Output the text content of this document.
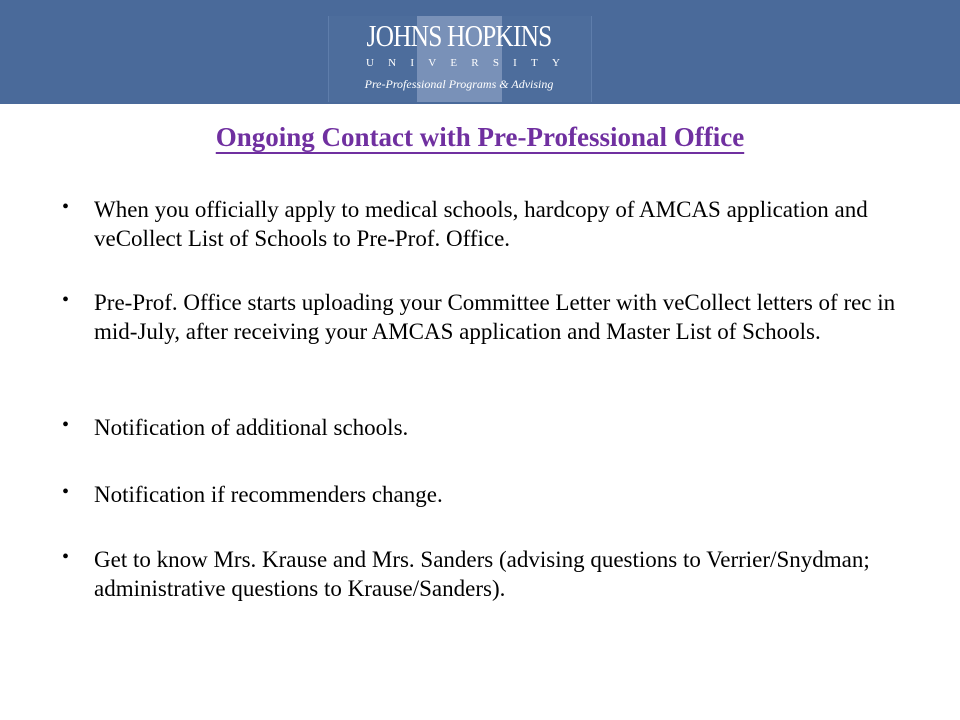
JOHNS HOPKINS
U N I V E R S I T Y
Pre-Professional Programs & Advising
Ongoing Contact with Pre-Professional Office
• When you officially apply to medical schools, hardcopy of AMCAS application and veCollect List of Schools to Pre-Prof. Office.
• Pre-Prof. Office starts uploading your Committee Letter with veCollect letters of rec in mid-July, after receiving your AMCAS application and Master List of Schools.
• Notification of additional schools.
• Notification if recommenders change.
• Get to know Mrs. Krause and Mrs. Sanders (advising questions to Verrier/Snydman; administrative questions to Krause/Sanders).
